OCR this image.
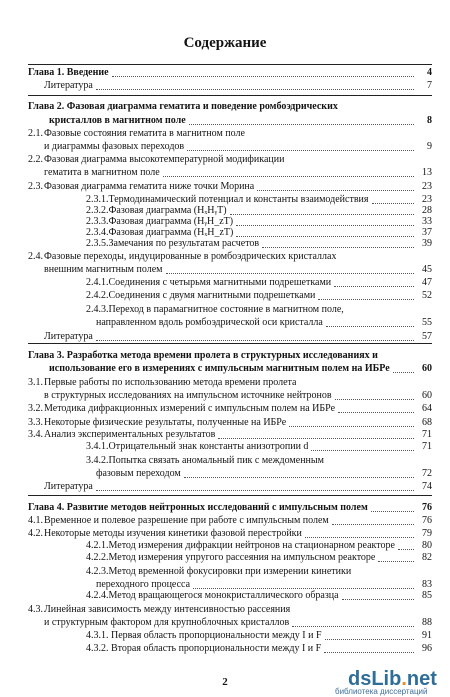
Содержание
Глава 1. Введение	4
Литература	7
Глава 2. Фазовая диаграмма гематита и поведение ромбоэдрических
кристаллов в магнитном поле	8
2.1. Фазовые состояния гематита в магнитном поле
и диаграммы фазовых переходов	9
2.2. Фазовая диаграмма высокотемпературной модификации
гематита в магнитном поле	13
2.3. Фазовая диаграмма гематита ниже точки Морина	23
2.3.1.Термодинамический потенциал и константы взаимодействия	23
2.3.2.Фазовая диаграмма (HₓHᵧT)	28
2.3.3.Фазовая диаграмма (HᵧH_zT)	33
2.3.4.Фазовая диаграмма (HₓH_zT)	37
2.3.5.Замечания по результатам расчетов	39
2.4. Фазовые переходы, индуцированные в ромбоэдрических кристаллах
внешним магнитным полем	45
2.4.1.Соединения с четырьмя магнитными подрешетками	47
2.4.2.Соединения с двумя магнитными подрешетками	52
2.4.3.Переход в парамагнитное состояние в магнитном поле,
направленном вдоль ромбоэдрической оси кристалла	55
Литература	57
Глава 3. Разработка метода времени пролета в структурных исследованиях и
использование его в измерениях с импульсным магнитным полем на ИБРе	60
3.1. Первые работы по использованию метода времени пролета
в структурных исследованиях на импульсном источнике нейтронов	60
3.2. Методика дифракционных измерений с импульсным полем на ИБРе	64
3.3. Некоторые физические результаты, полученные на ИБРе	68
3.4. Анализ экспериментальных результатов	71
3.4.1.Отрицательный знак константы анизотропии d	71
3.4.2.Попытка связать аномальный пик с междоменным
фазовым переходом	72
Литература	74
Глава 4. Развитие методов нейтронных исследований с импульсным полем	76
4.1. Временное и полевое разрешение при работе с импульсным полем	76
4.2. Некоторые методы изучения кинетики фазовой перестройки	79
4.2.1.Метод измерения дифракции нейтронов на стационарном реакторе	80
4.2.2.Метод измерения упругого рассеяния на импульсном реакторе	82
4.2.3.Метод временной фокусировки при измерении кинетики
переходного процесса	83
4.2.4.Метод вращающегося монокристаллического образца	85
4.3. Линейная зависимость между интенсивностью рассеяния
и структурным фактором для крупноблочных кристаллов	88
4.3.1. Первая область пропорциональности между I и F	91
4.3.2. Вторая область пропорциональности между I и F	96
2	dsLib.net
библиотека диссертаций
